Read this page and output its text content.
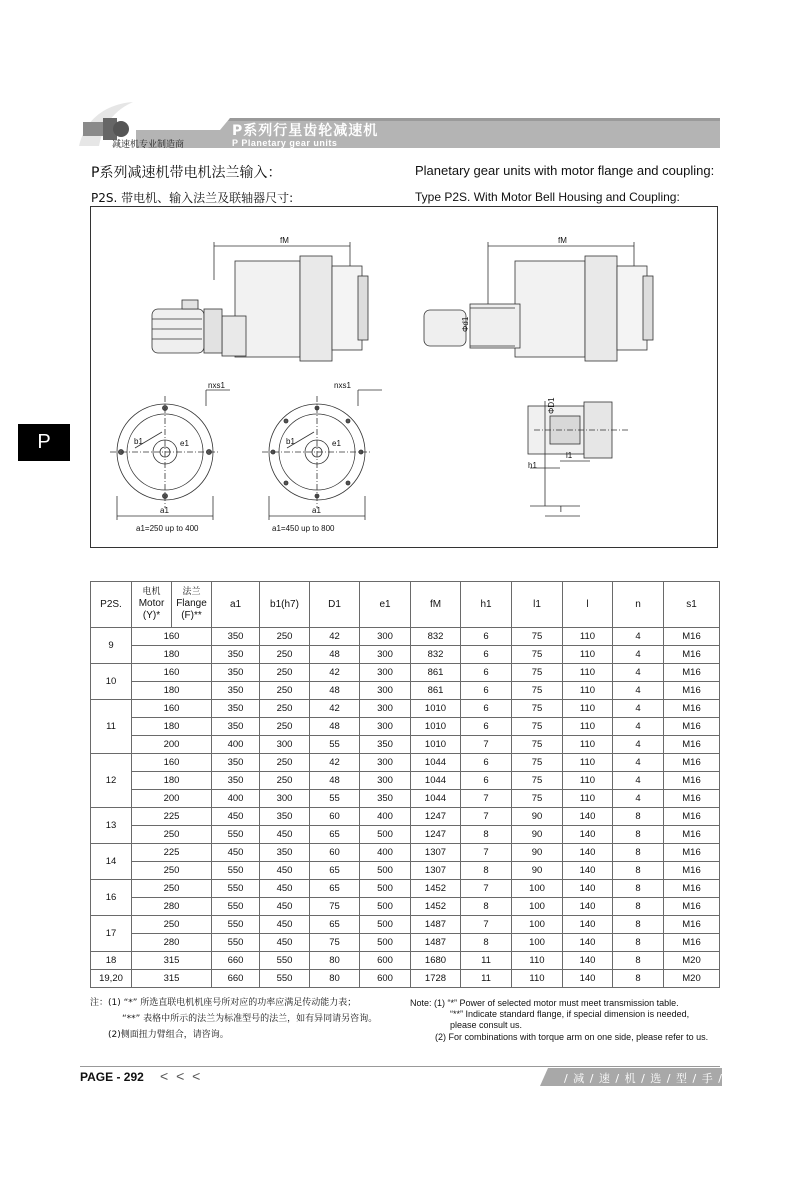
减速机专业制造商
P系列行星齿轮减速机
P Planetary gear units
P系列减速机带电机法兰输入：	Planetary gear units with motor flange and coupling:
P2S. 带电机、输入法兰及联轴器尺寸:	Type P2S. With Motor Bell Housing and Coupling:
P
fM	fM
Φd1
b1	e1
nxs1
a1
a1=250 up to 400
b1	e1
nxs1
a1
a1=450 up to 800
ΦD1
l1
h1
l
P2S.	电机
Motor
(Y)*	法兰
Flange
(F)**	a1	b1(h7)	D1	e1	fM	h1	l1	l	n	s1
9	160		350	250	42	300	832	6	75	110	4	M16
	180		350	250	48	300	832	6	75	110	4	M16
10	160		350	250	42	300	861	6	75	110	4	M16
	180		350	250	48	300	861	6	75	110	4	M16
11	160		350	250	42	300	1010	6	75	110	4	M16
	180		350	250	48	300	1010	6	75	110	4	M16
	200		400	300	55	350	1010	7	75	110	4	M16
12	160		350	250	42	300	1044	6	75	110	4	M16
	180		350	250	48	300	1044	6	75	110	4	M16
	200		400	300	55	350	1044	7	75	110	4	M16
13	225		450	350	60	400	1247	7	90	140	8	M16
	250		550	450	65	500	1247	8	90	140	8	M16
14	225		450	350	60	400	1307	7	90	140	8	M16
	250		550	450	65	500	1307	8	90	140	8	M16
16	250		550	450	65	500	1452	7	100	140	8	M16
	280		550	450	75	500	1452	8	100	140	8	M16
17	250		550	450	65	500	1487	7	100	140	8	M16
	280		550	450	75	500	1487	8	100	140	8	M16
18	315		660	550	80	600	1680	11	110	140	8	M20
19,20	315		660	550	80	600	1728	11	110	140	8	M20
注：(1) “*” 所选直联电机机座号所对应的功率应满足传动能力表；
“**” 表格中所示的法兰为标准型号的法兰，如有异同请另咨询。
(2)侧面扭力臂组合，请咨询。
Note: (1) “*” Power of selected motor must meet transmission table.
“**” Indicate standard flange, if special dimension is needed,
please consult us.
(2) For combinations with torque arm on one side, please refer to us.
PAGE - 292 < < <	/ 减 / 速 / 机 / 选 / 型 / 手 / 册 /
